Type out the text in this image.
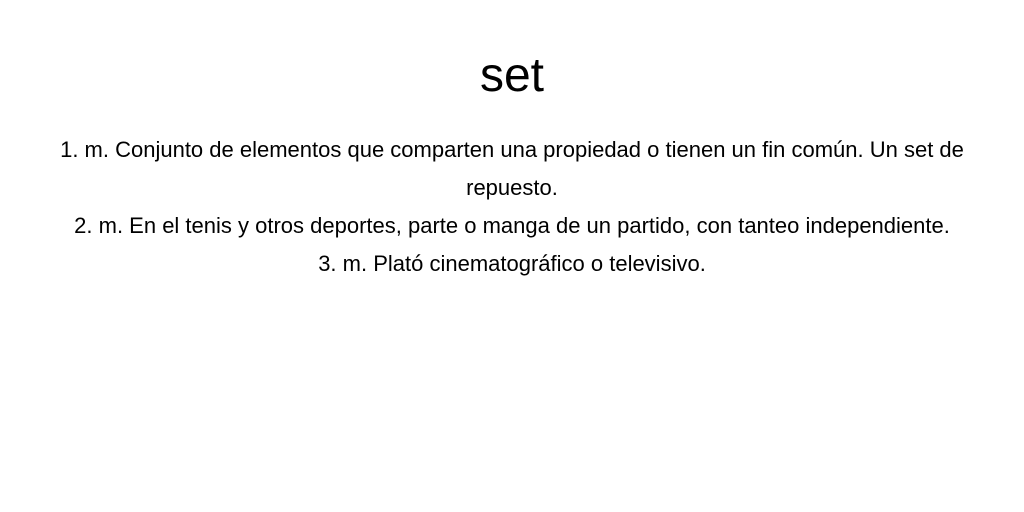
set
1. m. Conjunto de elementos que comparten una propiedad o tienen un fin común. Un set de repuesto.
2. m. En el tenis y otros deportes, parte o manga de un partido, con tanteo independiente.
3. m. Plató cinematográfico o televisivo.
